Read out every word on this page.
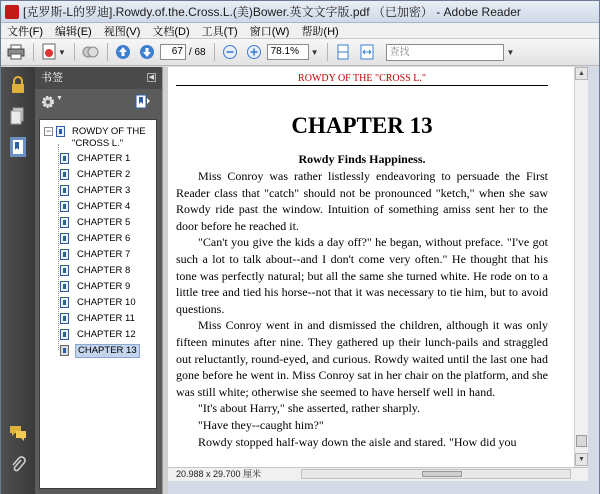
[克罗斯-L的罗迪].Rowdy.of.the.Cross.L.(美)Bower.英文文字版.pdf （已加密） - Adobe Reader
文件(F) 编辑(E) 视图(V) 文档(D) 工具(T) 窗口(W) 帮助(H)
▼	67 / 68	78.1%	▼	查找	▼
书签	◀
▼
− ROWDY OF THE "CROSS L."
CHAPTER 1
CHAPTER 2
CHAPTER 3
CHAPTER 4
CHAPTER 5
CHAPTER 6
CHAPTER 7
CHAPTER 8
CHAPTER 9
CHAPTER 10
CHAPTER 11
CHAPTER 12
CHAPTER 13
ROWDY OF THE "CROSS L."
CHAPTER 13
Rowdy Finds Happiness.

Miss Conroy was rather listlessly endeavoring to persuade the First Reader class that "catch" should not be pronounced "ketch," when she saw Rowdy ride past the window. Intuition of something amiss sent her to the door before he reached it.

"Can't you give the kids a day off?" he began, without preface. "I've got such a lot to talk about--and I don't come very often." He thought that his tone was perfectly natural; but all the same she turned white. He rode on to a little tree and tied his horse--not that it was necessary to tie him, but to avoid questions.

Miss Conroy went in and dismissed the children, although it was only fifteen minutes after nine. They gathered up their lunch-pails and straggled out reluctantly, round-eyed, and curious. Rowdy waited until the last one had gone before he went in. Miss Conroy sat in her chair on the platform, and she was still white; otherwise she seemed to have herself well in hand.

"It's about Harry," she asserted, rather sharply.

"Have they--caught him?"

Rowdy stopped half-way down the aisle and stared. "How did you

▲
▼
20.988 x 29.700 厘米
